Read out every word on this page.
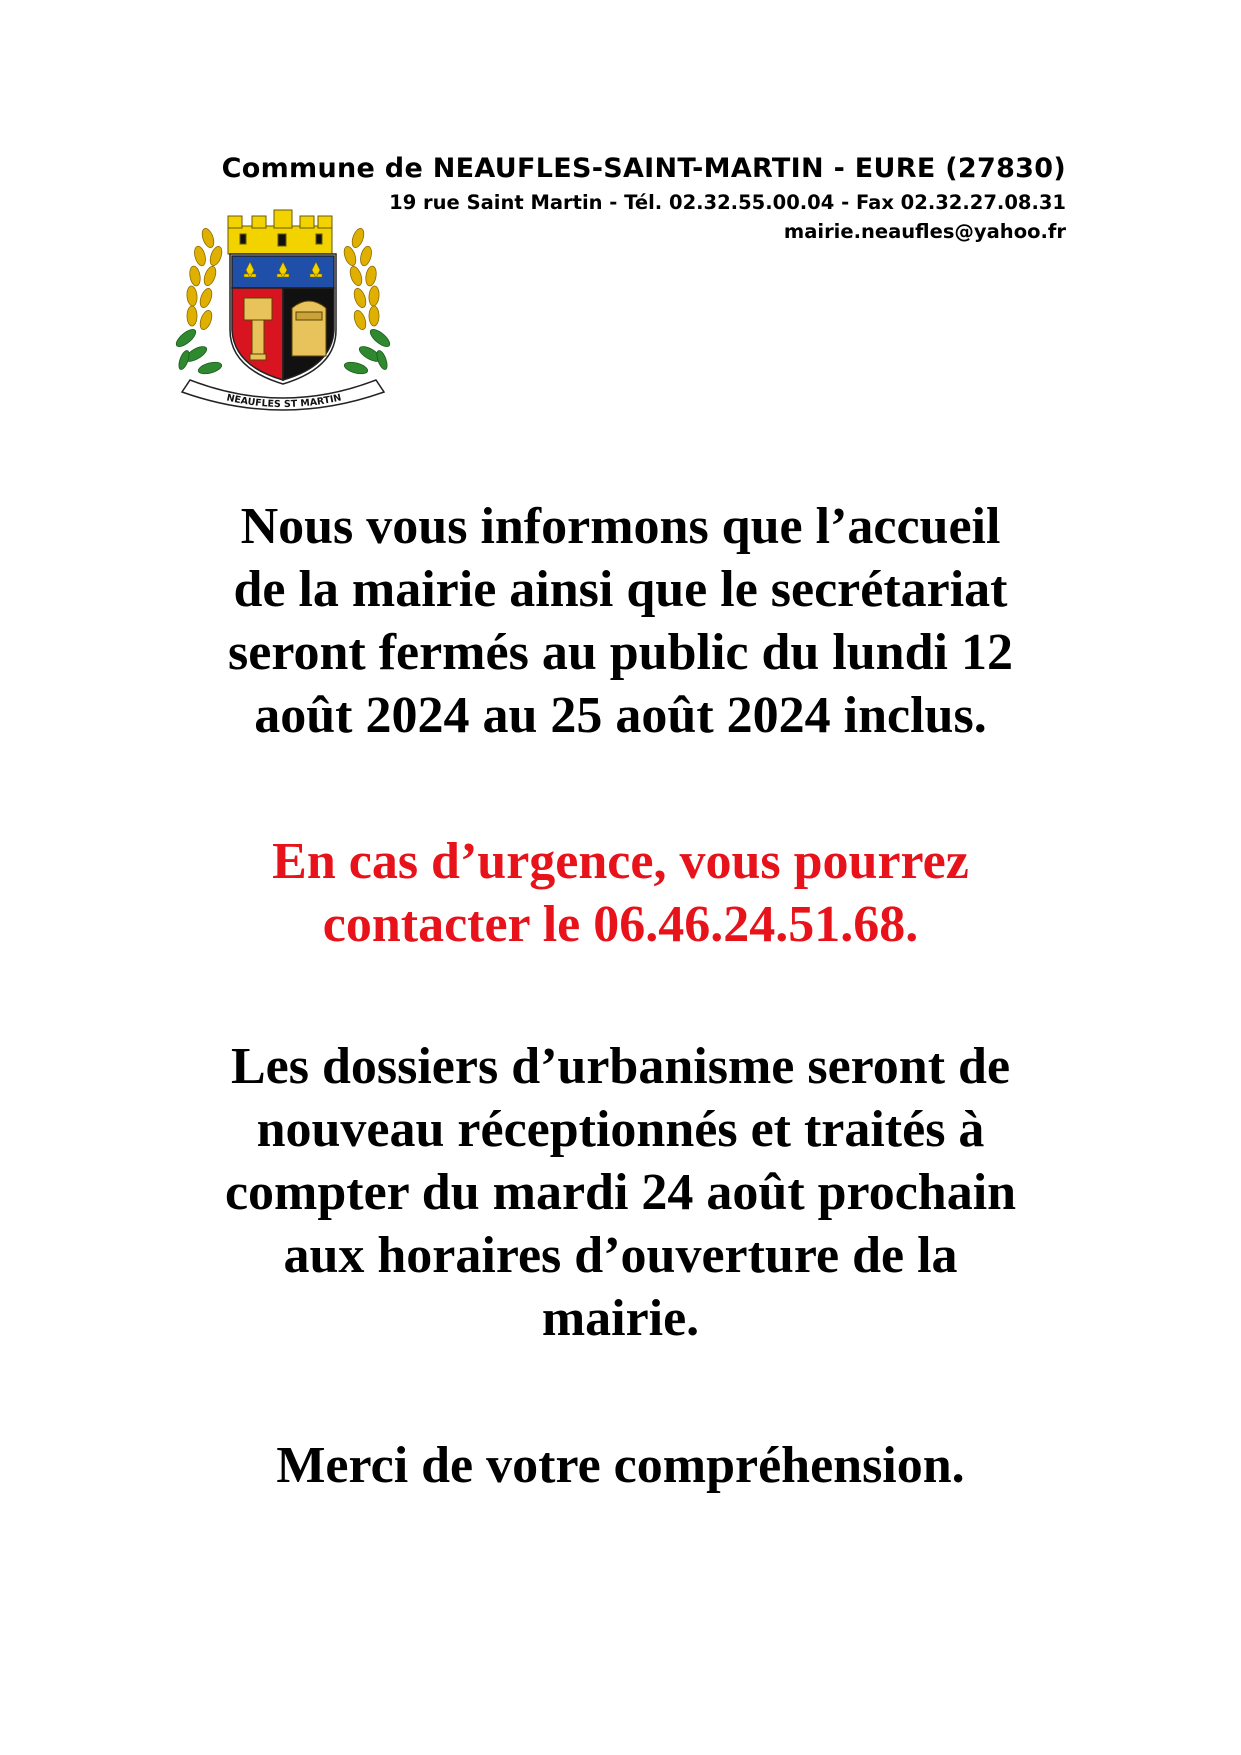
Commune de NEAUFLES-SAINT-MARTIN - EURE (27830)
19 rue Saint Martin - Tél. 02.32.55.00.04 - Fax 02.32.27.08.31
mairie.neaufles@yahoo.fr
NEAUFLES ST MARTIN

Nous vous informons que l’accueil
de la mairie ainsi que le secrétariat
seront fermés au public du lundi 12
août 2024 au 25 août 2024 inclus.

En cas d’urgence, vous pourrez
contacter le 06.46.24.51.68.

Les dossiers d’urbanisme seront de
nouveau réceptionnés et traités à
compter du mardi 24 août prochain
aux horaires d’ouverture de la
mairie.

Merci de votre compréhension.
